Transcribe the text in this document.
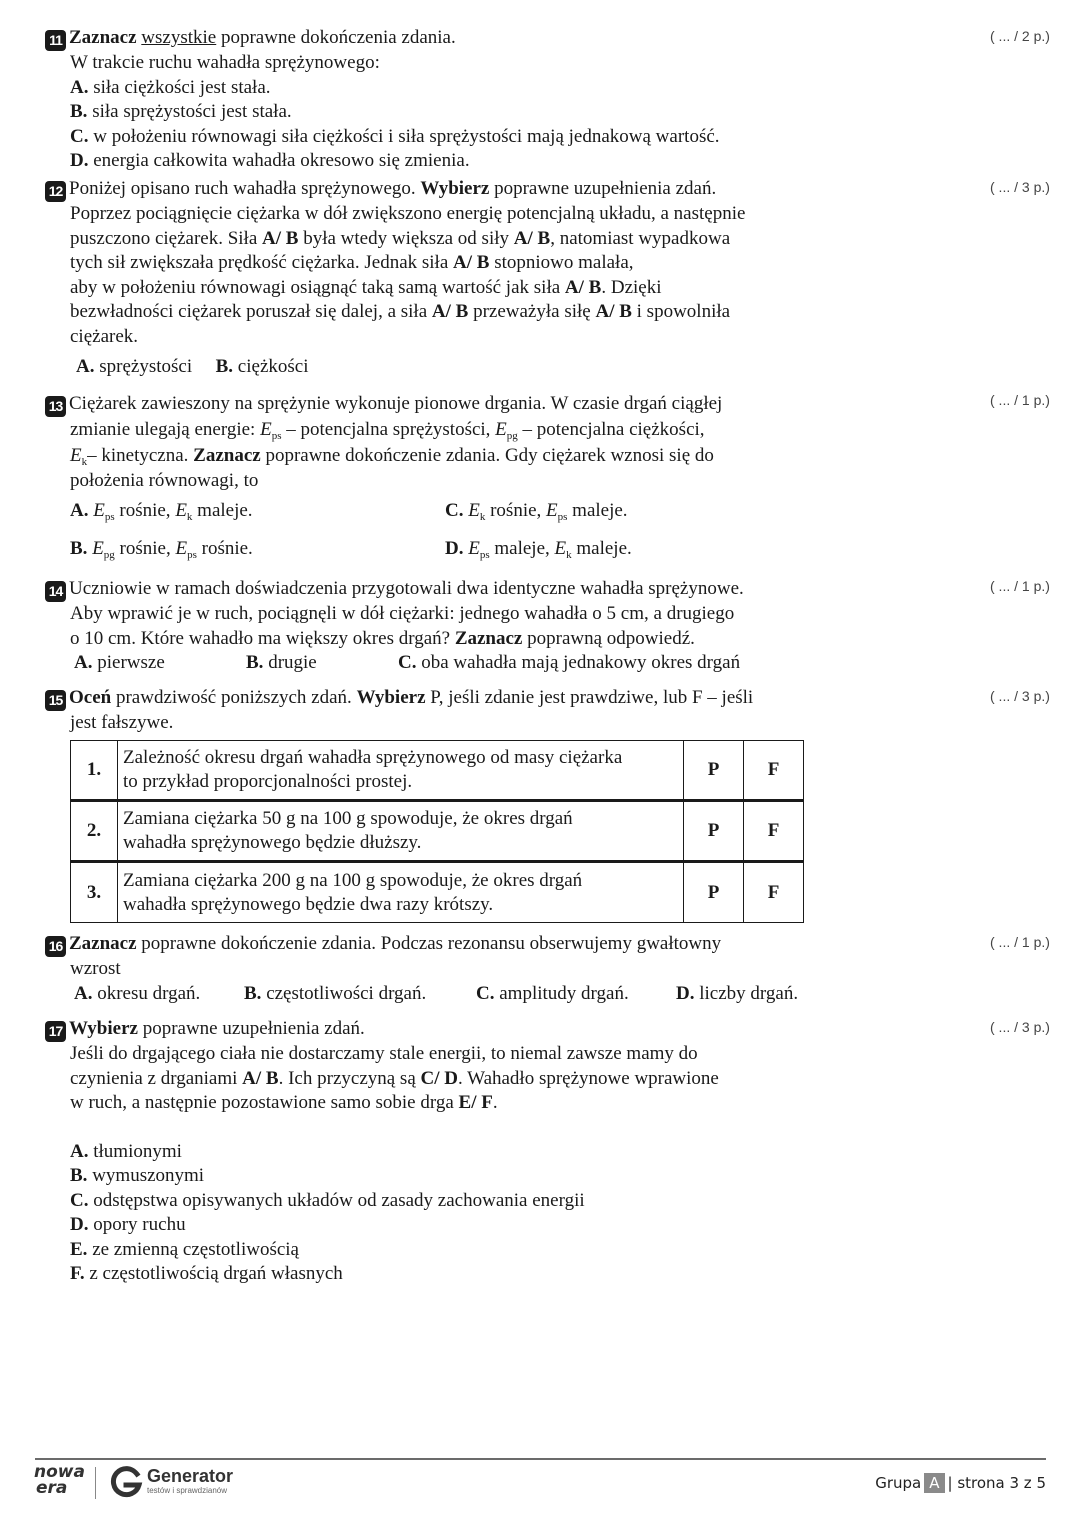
11 Zaznacz wszystkie poprawne dokończenia zdania.
W trakcie ruchu wahadła sprężynowego:
A. siła ciężkości jest stała.
B. siła sprężystości jest stała.
C. w położeniu równowagi siła ciężkości i siła sprężystości mają jednakową wartość.
D. energia całkowita wahadła okresowo się zmienia.
( ... / 2 p.)
12 Poniżej opisano ruch wahadła sprężynowego. Wybierz poprawne uzupełnienia zdań.
Poprzez pociągnięcie ciężarka w dół zwiększono energię potencjalną układu, a następnie
puszczono ciężarek. Siła A/ B była wtedy większa od siły A/ B, natomiast wypadkowa
tych sił zwiększała prędkość ciężarka. Jednak siła A/ B stopniowo malała,
aby w położeniu równowagi osiągnąć taką samą wartość jak siła A/ B. Dzięki
bezwładności ciężarek poruszał się dalej, a siła A/ B przeważyła siłę A/ B i spowolniła
ciężarek.
A. sprężystości B. ciężkości
( ... / 3 p.)
13 Ciężarek zawieszony na sprężynie wykonuje pionowe drgania. W czasie drgań ciągłej
zmianie ulegają energie: $E_{ps}$ – potencjalna sprężystości, $E_{pg}$ – potencjalna ciężkości,
$E_k-$ kinetyczna. Zaznacz poprawne dokończenie zdania. Gdy ciężarek wznosi się do
położenia równowagi, to
A. $E_{ps}$ rośnie, $E_k$ maleje.	C. $E_k$ rośnie, $E_{ps}$ maleje.
B. $E_{pg}$ rośnie, $E_{ps}$ rośnie.	D. $E_{ps}$ maleje, $E_k$ maleje.
( ... / 1 p.)
14 Uczniowie w ramach doświadczenia przygotowali dwa identyczne wahadła sprężynowe.
Aby wprawić je w ruch, pociągnęli w dół ciężarki: jednego wahadła o 5 cm, a drugiego
o 10 cm. Które wahadło ma większy okres drgań? Zaznacz poprawną odpowiedź.
A. pierwsze	B. drugie	C. oba wahadła mają jednakowy okres drgań
( ... / 1 p.)
15 Oceń prawdziwość poniższych zdań. Wybierz P, jeśli zdanie jest prawdziwe, lub F – jeśli
jest fałszywe.
( ... / 3 p.)
1.	Zależność okresu drgań wahadła sprężynowego od masy ciężarka
to przykład proporcjonalności prostej.	P	F
2.	Zamiana ciężarka 50 g na 100 g spowoduje, że okres drgań
wahadła sprężynowego będzie dłuższy.	P	F
3.	Zamiana ciężarka 200 g na 100 g spowoduje, że okres drgań
wahadła sprężynowego będzie dwa razy krótszy.	P	F
16 Zaznacz poprawne dokończenie zdania. Podczas rezonansu obserwujemy gwałtowny
wzrost
A. okresu drgań. B. częstotliwości drgań.	C. amplitudy drgań. D. liczby drgań.
( ... / 1 p.)
17 Wybierz poprawne uzupełnienia zdań.
Jeśli do drgającego ciała nie dostarczamy stale energii, to niemal zawsze mamy do
czynienia z drganiami A/ B. Ich przyczyną są C/ D. Wahadło sprężynowe wprawione
w ruch, a następnie pozostawione samo sobie drga E/ F.
A. tłumionymi
B. wymuszonymi
C. odstępstwa opisywanych układów od zasady zachowania energii
D. opory ruchu
E. ze zmienną częstotliwością
F. z częstotliwością drgań własnych
( ... / 3 p.)
nowa
era
Generator
testów i sprawdzianów	Grupa A | strona 3 z 5
